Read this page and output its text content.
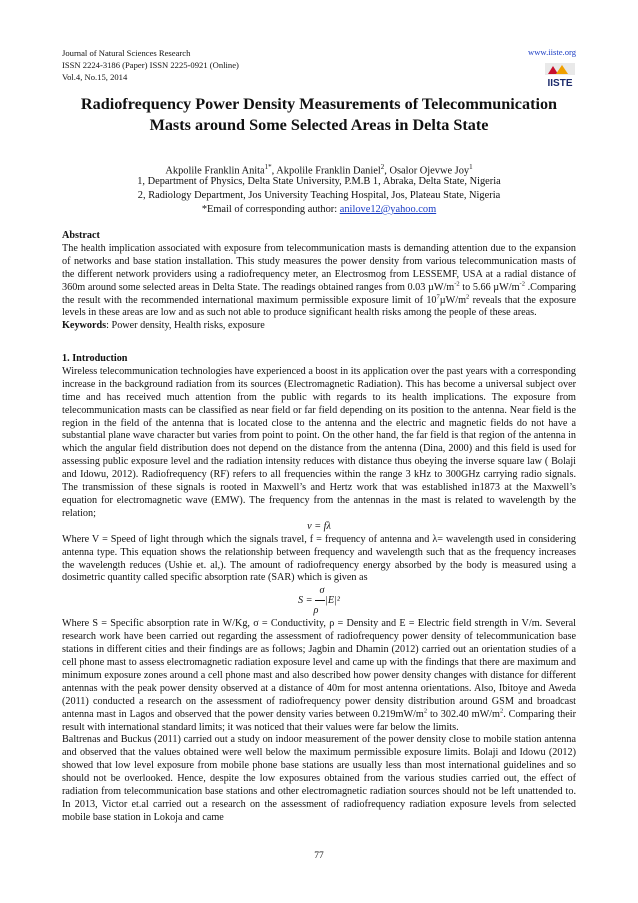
Journal of Natural Sciences Research
ISSN 2224-3186 (Paper) ISSN 2225-0921 (Online)
Vol.4, No.15, 2014
www.iiste.org
IISTE
Radiofrequency Power Density Measurements of Telecommunication Masts around Some Selected Areas in Delta State
Akpolile Franklin Anita$^{1*}$, Akpolile Franklin Daniel$^2$, Osalor Ojevwe Joy$^1$
1, Department of Physics, Delta State University, P.M.B 1, Abraka, Delta State, Nigeria
2, Radiology Department, Jos University Teaching Hospital, Jos, Plateau State, Nigeria
*Email of corresponding author: anilove12@yahoo.com

Abstract

The health implication associated with exposure from telecommunication masts is demanding attention due to the expansion of networks and base station installation. This study measures the power density from various telecommunication masts of the different network providers using a radiofrequency meter, an Electrosmog from LESSEMF, USA at a radial distance of 360m around some selected areas in Delta State. The readings obtained ranges from 0.03 $\mu W/m^{-2}$ to 5.66 $\mu W/m^{-2}$ .Comparing the result with the recommended international maximum permissible exposure limit of $10^7\mu W/m^2$ reveals that the exposure levels in these areas are low and as such not able to produce significant health risks among the people of these areas.

Keywords: Power density, Health risks, exposure

1. Introduction

Wireless telecommunication technologies have experienced a boost in its application over the past years with a corresponding increase in the background radiation from its sources (Electromagnetic Radiation). This has become a universal subject over time and has received much attention from the public with regards to its health implications. The exposure from telecommunication masts can be classified as near field or far field depending on its position to the antenna. Near field is the region in the field of the antenna that is located close to the antenna and the electric and magnetic fields do not have a substantial plane wave character but varies from point to point. On the other hand, the far field is that region of the antenna in which the angular field distribution does not depend on the distance from the antenna (Dina, 2000) and this field is used for assessing public exposure level and the radiation intensity reduces with distance thus obeying the inverse square law ( Bolaji and Idowu, 2012). Radiofrequency (RF) refers to all frequencies within the range 3 kHz to 300GHz carrying radio signals. The transmission of these signals is rooted in Maxwell’s and Hertz work that was established in1873 at the Maxwell’s equation for electromagnetic wave (EMW). The frequency from the antennas in the mast is related to wavelength by the relation;

v = fλ

Where V = Speed of light through which the signals travel, f = frequency of antenna and λ= wavelength used in considering antenna type. This equation shows the relationship between frequency and wavelength such that as the frequency increases the wavelength reduces (Ushie et. al,). The amount of radiofrequency energy absorbed by the body is measured using a dosimetric quantity called specific absorption rate (SAR) which is given as

σ
S = |E|²
ρ

Where S = Specific absorption rate in W/Kg, σ = Conductivity, ρ = Density and E = Electric field strength in V/m. Several research work have been carried out regarding the assessment of radiofrequency power density of telecommunication base stations in different cities and their findings are as follows; Jagbin and Dhamin (2012) carried out an orientation studies of a cell phone mast to assess electromagnetic radiation exposure level and came up with the findings that there are maximum and minimum exposure zones around a cell phone mast and also described how power density changes with distance for different antennas with the peak power density observed at a distance of 40m for most antenna orientations. Also, Ibitoye and Aweda (2011) conducted a research on the assessment of radiofrequency power density distribution around GSM and broadcast antenna mast in Lagos and observed that the power density varies between $0.219mW/m^2$ to 302.40 $mW/m^2$. Comparing their result with international standard limits; it was noticed that their values were far below the limits.

Baltrenas and Buckus (2011) carried out a study on indoor measurement of the power density close to mobile station antenna and observed that the values obtained were well below the maximum permissible exposure limits. Bolaji and Idowu (2012) showed that low level exposure from mobile phone base stations are usually less than most international guidelines and so should not be overlooked. Hence, despite the low exposures obtained from the various studies carried out, the effect of radiation from telecommunication base stations and other electromagnetic radiation sources should not be left unattended to. In 2013, Victor et.al carried out a research on the assessment of radiofrequency radiation exposure levels from selected mobile base station in Lokoja and came

77
